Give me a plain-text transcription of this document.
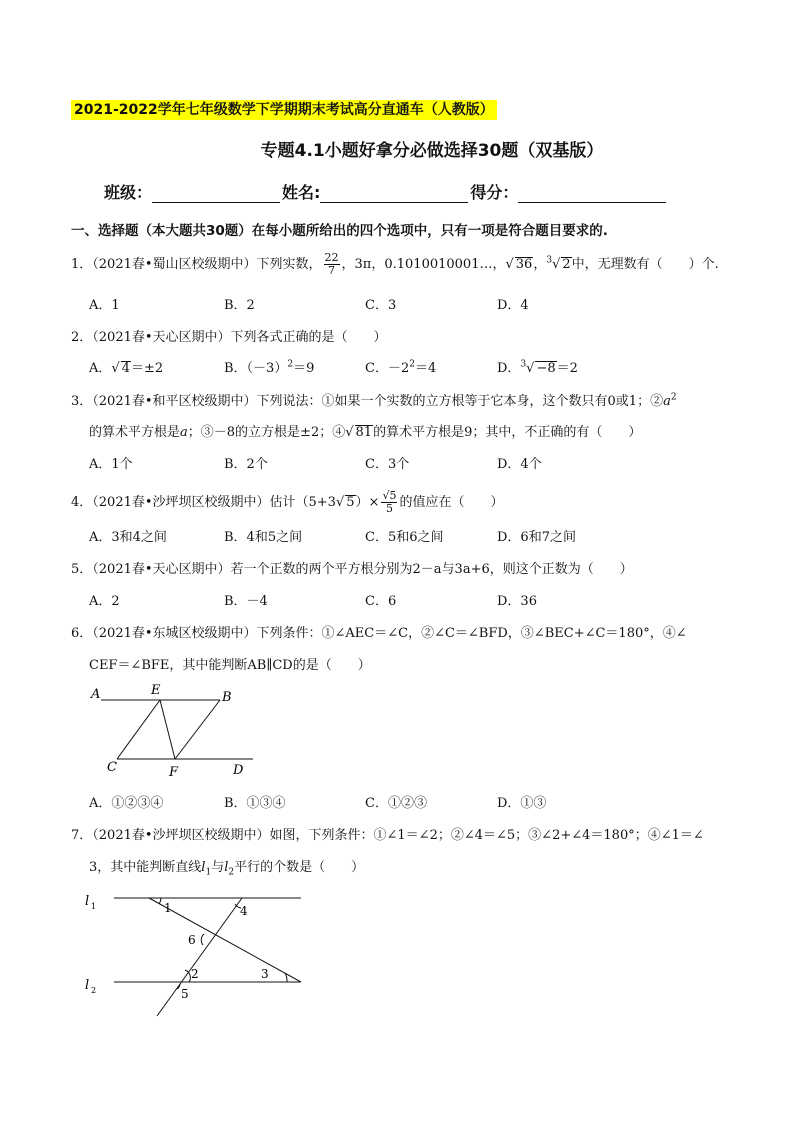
2021-2022学年七年级数学下学期期末考试高分直通车（人教版）
专题4.1小题好拿分必做选择30题（双基版）
班级：	姓名:	得分：
一、选择题（本大题共30题）在每小题所给出的四个选项中，只有一项是符合题目要求的.
1．（2021春•蜀山区校级期中）下列实数， $\frac{22}{7}$ ，3π，0.1010010001…，√ 36，$^3$√ 2中，无理数有（　　）个.
A．1	B．2	C．3	D．4
2．（2021春•天心区期中）下列各式正确的是（　　）
A．√ 4＝±2	B．$(-3)^2=9$	C．$-2^2=4$	D．$^3$√ −8＝2
3．（2021春•和平区校级期中）下列说法：①如果一个实数的立方根等于它本身，这个数只有0或1；$②a^2$
的算术平方根是a；③－8的立方根是±2；④√ 81的算术平方根是9；其中，不正确的有（　　）
A．1个	B．2个	C．3个	D．4个
4．（2021春•沙坪坝区校级期中）估计（5+3√ $5)\times \frac{√5}{5}$ 的值应在（　　）
A．3和4之间	B．4和5之间	C．5和6之间	D．6和7之间
5．（2021春•天心区期中）若一个正数的两个平方根分别为2－a与3a+6，则这个正数为（　　）
A．2	B．－4	C．6	D．36
6．（2021春•东城区校级期中）下列条件：①∠AEC＝∠C，②∠C＝∠BFD，③∠BEC+∠C＝180°，④∠
CEF＝∠BFE，其中能判断AB∥CD的是（　　）
A	E	B
C	F	D
A．①②③④	B．①③④	C．①②③	D．①③
7．（2021春•沙坪坝区校级期中）如图，下列条件：①∠1＝∠2；②∠4＝∠5；③∠2+∠4＝180°；④∠1＝∠
3，其中能判断直线$l_1$与$l_2$平行的个数是（　　）
l 1
l 2
1	4
6
2	3
5
